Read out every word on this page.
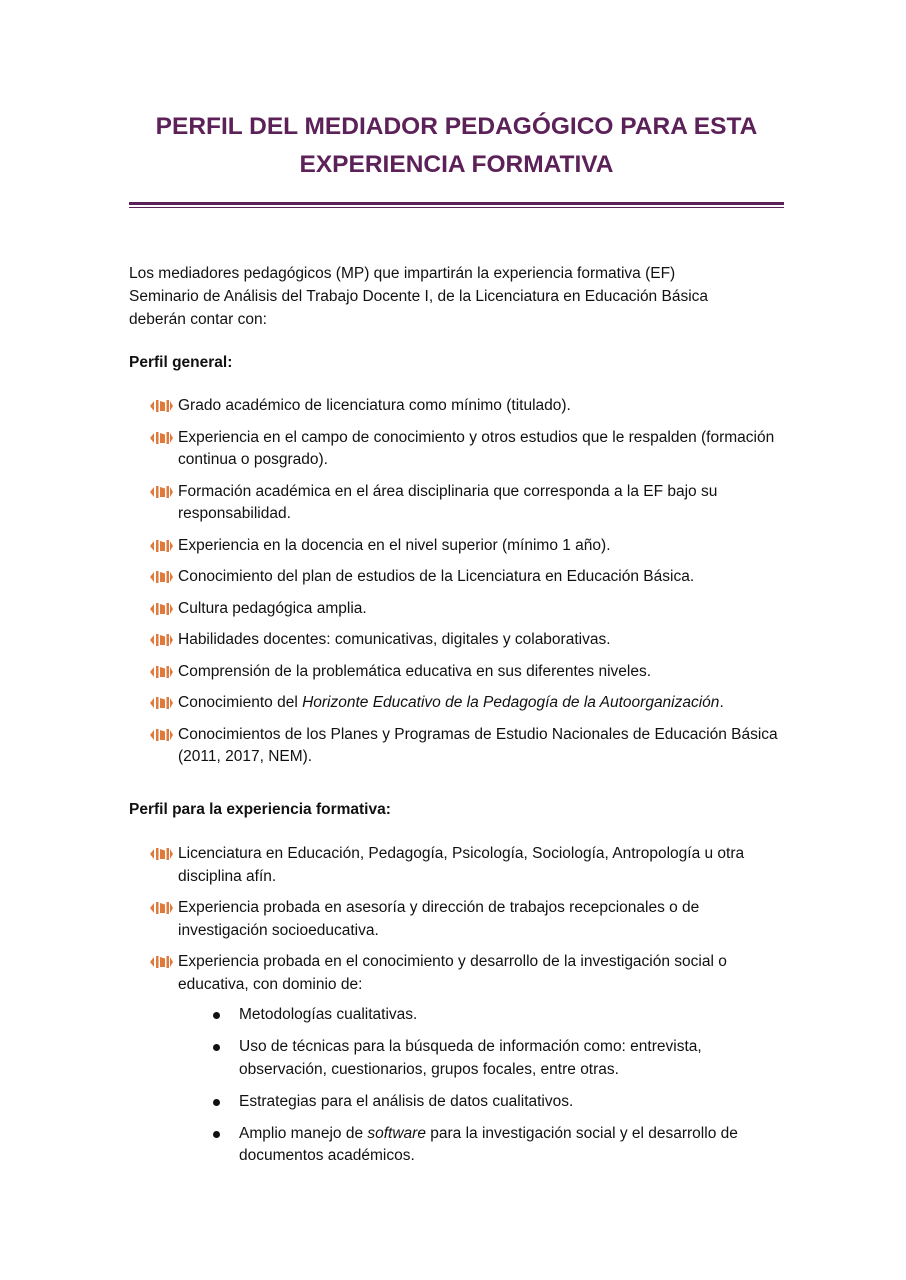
PERFIL DEL MEDIADOR PEDAGÓGICO PARA ESTA
EXPERIENCIA FORMATIVA
Los mediadores pedagógicos (MP) que impartirán la experiencia formativa (EF)
Seminario de Análisis del Trabajo Docente I, de la Licenciatura en Educación Básica
deberán contar con:
Perfil general:
Grado académico de licenciatura como mínimo (titulado).
Experiencia en el campo de conocimiento y otros estudios que le respalden (formación continua o posgrado).
Formación académica en el área disciplinaria que corresponda a la EF bajo su responsabilidad.
Experiencia en la docencia en el nivel superior (mínimo 1 año).
Conocimiento del plan de estudios de la Licenciatura en Educación Básica.
Cultura pedagógica amplia.
Habilidades docentes: comunicativas, digitales y colaborativas.
Comprensión de la problemática educativa en sus diferentes niveles.
Conocimiento del Horizonte Educativo de la Pedagogía de la Autoorganización.
Conocimientos de los Planes y Programas de Estudio Nacionales de Educación Básica (2011, 2017, NEM).
Perfil para la experiencia formativa:
Licenciatura en Educación, Pedagogía, Psicología, Sociología, Antropología u otra disciplina afín.
Experiencia probada en asesoría y dirección de trabajos recepcionales o de investigación socioeducativa.
Experiencia probada en el conocimiento y desarrollo de la investigación social o educativa, con dominio de:
Metodologías cualitativas.
Uso de técnicas para la búsqueda de información como: entrevista, observación, cuestionarios, grupos focales, entre otras.
Estrategias para el análisis de datos cualitativos.
Amplio manejo de software para la investigación social y el desarrollo de documentos académicos.
